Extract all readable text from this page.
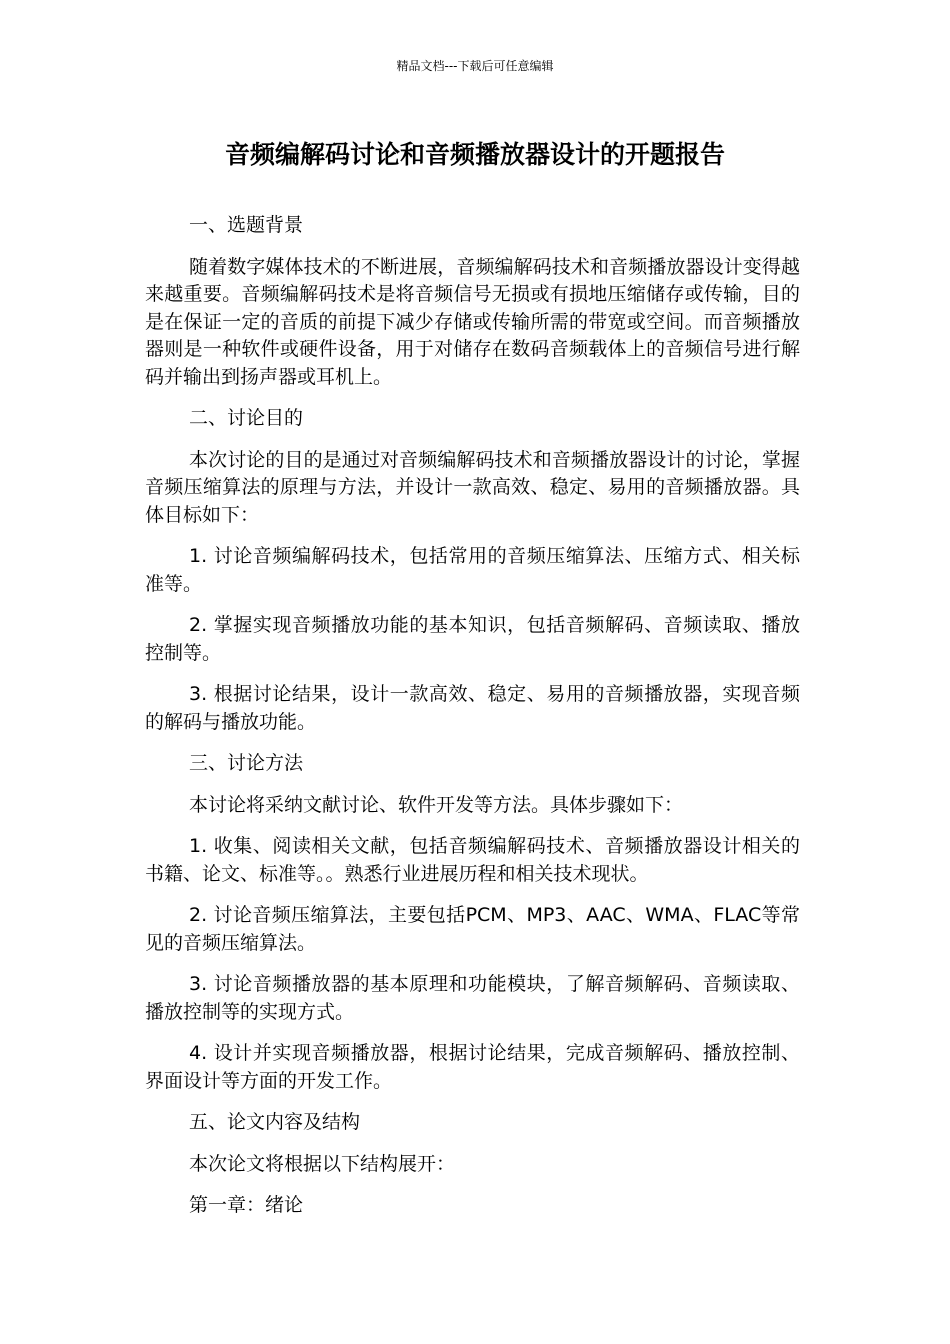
精品文档---下载后可任意编辑
音频编解码讨论和音频播放器设计的开题报告

一、选题背景

随着数字媒体技术的不断进展，音频编解码技术和音频播放器设计变得越来越重要。音频编解码技术是将音频信号无损或有损地压缩储存或传输，目的是在保证一定的音质的前提下减少存储或传输所需的带宽或空间。而音频播放器则是一种软件或硬件设备，用于对储存在数码音频载体上的音频信号进行解码并输出到扬声器或耳机上。

二、讨论目的

本次讨论的目的是通过对音频编解码技术和音频播放器设计的讨论，掌握音频压缩算法的原理与方法，并设计一款高效、稳定、易用的音频播放器。具体目标如下：

1. 讨论音频编解码技术，包括常用的音频压缩算法、压缩方式、相关标准等。

2. 掌握实现音频播放功能的基本知识，包括音频解码、音频读取、播放控制等。

3. 根据讨论结果，设计一款高效、稳定、易用的音频播放器，实现音频的解码与播放功能。

三、讨论方法

本讨论将采纳文献讨论、软件开发等方法。具体步骤如下：

1. 收集、阅读相关文献，包括音频编解码技术、音频播放器设计相关的书籍、论文、标准等。。熟悉行业进展历程和相关技术现状。

2. 讨论音频压缩算法，主要包括PCM、MP3、AAC、WMA、FLAC等常见的音频压缩算法。

3. 讨论音频播放器的基本原理和功能模块，了解音频解码、音频读取、播放控制等的实现方式。

4. 设计并实现音频播放器，根据讨论结果，完成音频解码、播放控制、界面设计等方面的开发工作。

五、论文内容及结构

本次论文将根据以下结构展开：

第一章：绪论
